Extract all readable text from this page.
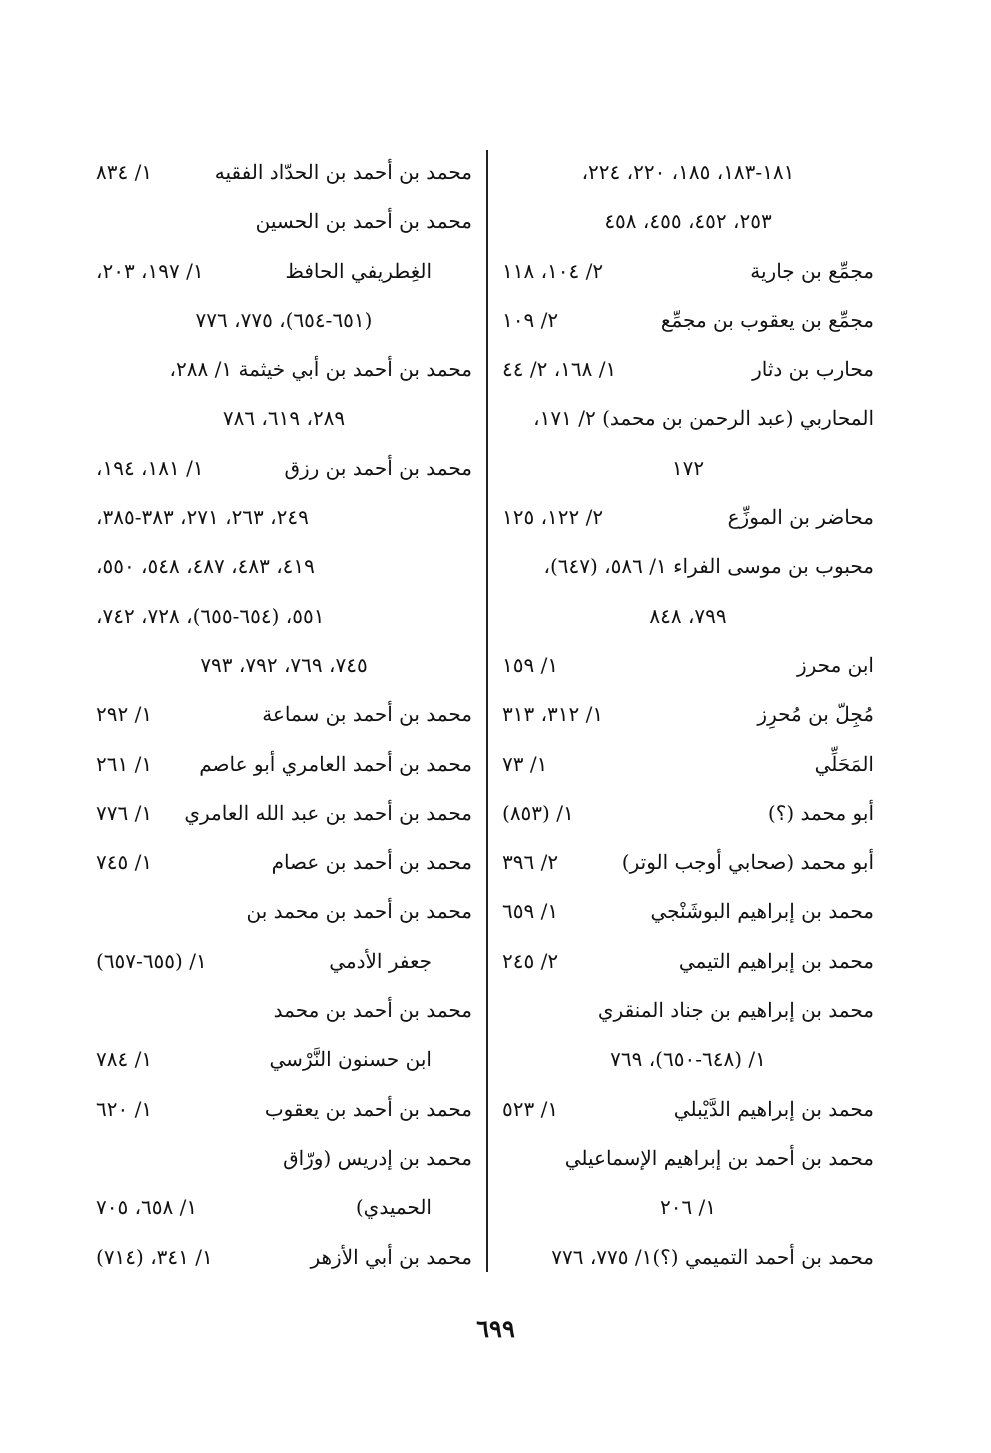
١٨١-١٨٣، ١٨٥، ٢٢٠، ٢٢٤،
٢٥٣، ٤٥٢، ٤٥٥، ٤٥٨
مجمِّع بن جارية
٢/ ١٠٤، ١١٨
مجمِّع بن يعقوب بن مجمِّع
٢/ ١٠٩
محارب بن دثار
١/ ١٦٨، ٢/ ٤٤
المحاربي (عبد الرحمن بن محمد) ٢/ ١٧١،
١٧٢
محاضر بن الموزِّع
٢/ ١٢٢، ١٢٥
محبوب بن موسى الفراء ١/ ٥٨٦، (٦٤٧)،
٧٩٩، ٨٤٨
ابن محرز
١/ ١٥٩
مُجِلّ بن مُحرِز
١/ ٣١٢، ٣١٣
المَحَلِّي
١/ ٧٣
أبو محمد (؟)
١/ (٨٥٣)
أبو محمد (صحابي أوجب الوتر)
٢/ ٣٩٦
محمد بن إبراهيم البوشَنْجي
١/ ٦٥٩
محمد بن إبراهيم التيمي
٢/ ٢٤٥
محمد بن إبراهيم بن جناد المنقري
١/ (٦٤٨-٦٥٠)، ٧٦٩
محمد بن إبراهيم الدَّيْبلي
١/ ٥٢٣
محمد بن أحمد بن إبراهيم الإسماعيلي
١/ ٢٠٦
محمد بن أحمد التميمي (؟)١/ ٧٧٥، ٧٧٦
محمد بن أحمد بن الحدّاد الفقيه
١/ ٨٣٤
محمد بن أحمد بن الحسين
الغِطريفي الحافظ
١/ ١٩٧، ٢٠٣،
(٦٥١-٦٥٤)، ٧٧٥، ٧٧٦
محمد بن أحمد بن أبي خيثمة ١/ ٢٨٨،
٢٨٩، ٦١٩، ٧٨٦
محمد بن أحمد بن رزق
١/ ١٨١، ١٩٤،
٢٤٩، ٢٦٣، ٢٧١، ٣٨٣-٣٨٥،
٤١٩، ٤٨٣، ٤٨٧، ٥٤٨، ٥٥٠،
٥٥١، (٦٥٤-٦٥٥)، ٧٢٨، ٧٤٢،
٧٤٥، ٧٦٩، ٧٩٢، ٧٩٣
محمد بن أحمد بن سماعة
١/ ٢٩٢
محمد بن أحمد العامري أبو عاصم
١/ ٢٦١
محمد بن أحمد بن عبد الله العامري
١/ ٧٧٦
محمد بن أحمد بن عصام
١/ ٧٤٥
محمد بن أحمد بن محمد بن
جعفر الأدمي
١/ (٦٥٥-٦٥٧)
محمد بن أحمد بن محمد
ابن حسنون النَّرْسي
١/ ٧٨٤
محمد بن أحمد بن يعقوب
١/ ٦٢٠
محمد بن إدريس (ورّاق
الحميدي)
١/ ٦٥٨، ٧٠٥
محمد بن أبي الأزهر
١/ ٣٤١، (٧١٤)
٦٩٩
